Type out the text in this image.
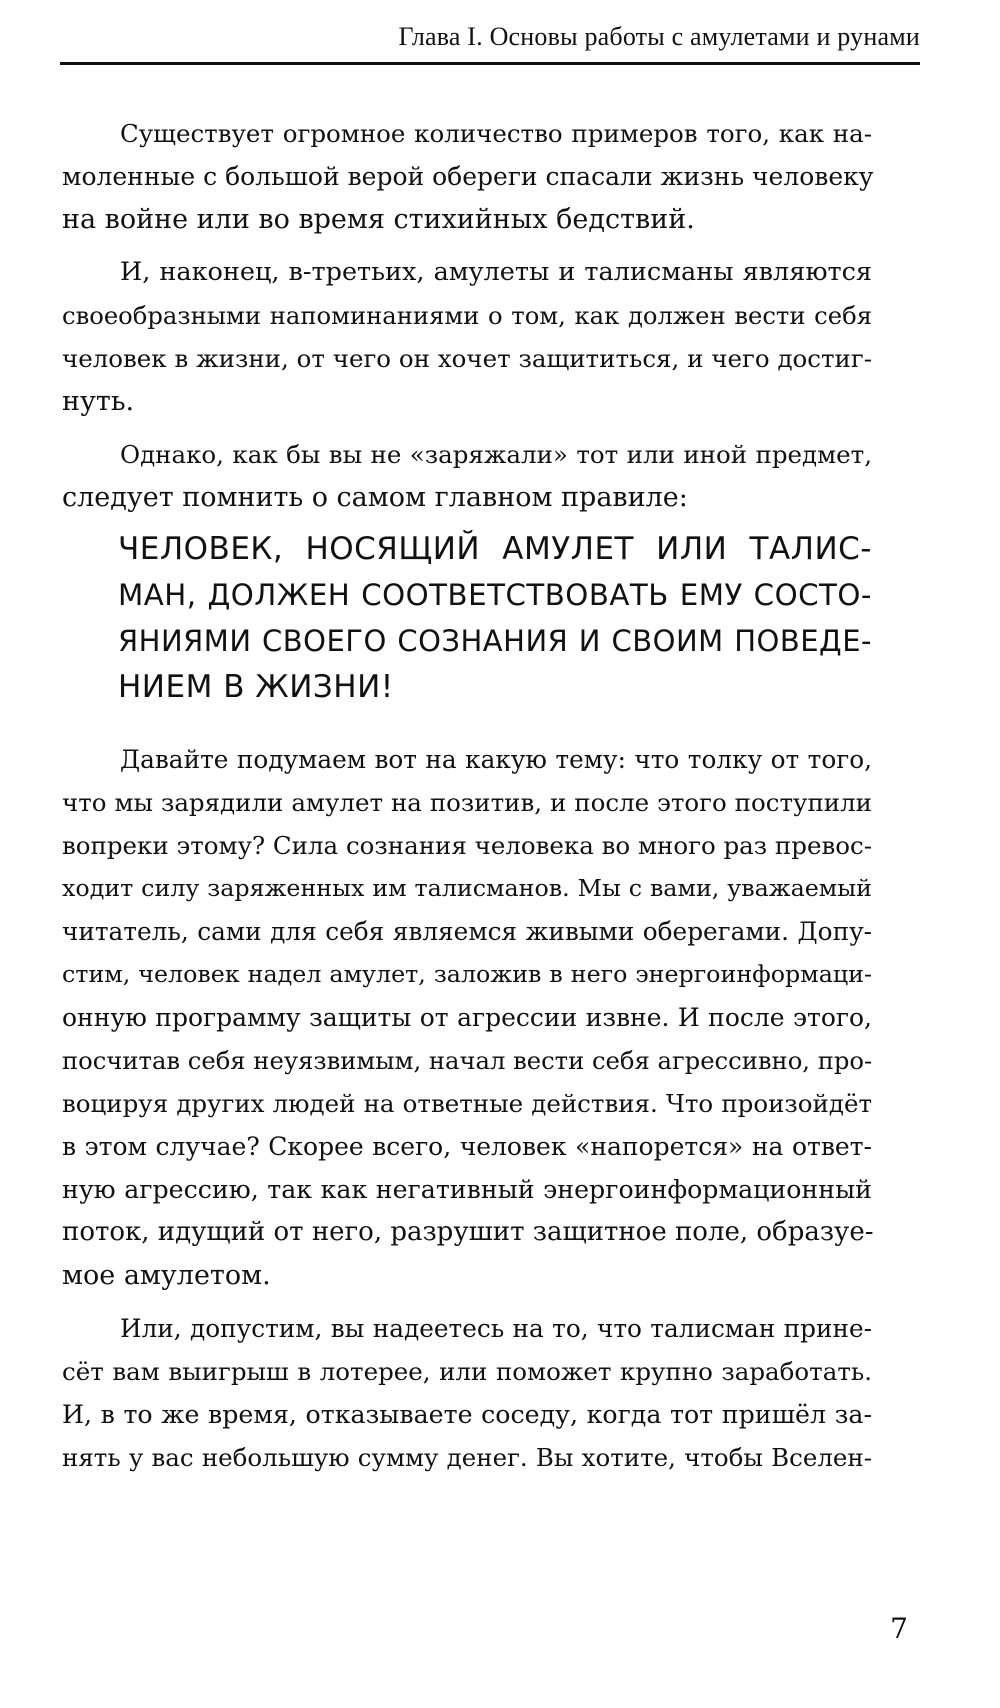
Глава I. Основы работы с амулетами и рунами
Существует огромное количество примеров того, как на-
моленные с большой верой обереги спасали жизнь человеку
на войне или во время стихийных бедствий.
И, наконец, в-третьих, амулеты и талисманы являются
своеобразными напоминаниями о том, как должен вести себя
человек в жизни, от чего он хочет защититься, и чего достиг-
нуть.
Однако, как бы вы не «заряжали» тот или иной предмет,
следует помнить о самом главном правиле:
ЧЕЛОВЕК, НОСЯЩИЙ АМУЛЕТ ИЛИ ТАЛИС-
МАН, ДОЛЖЕН СООТВЕТСТВОВАТЬ ЕМУ СОСТО-
ЯНИЯМИ СВОЕГО СОЗНАНИЯ И СВОИМ ПОВЕДЕ-
НИЕМ В ЖИЗНИ!
Давайте подумаем вот на какую тему: что толку от того,
что мы зарядили амулет на позитив, и после этого поступили
вопреки этому? Сила сознания человека во много раз превос-
ходит силу заряженных им талисманов. Мы с вами, уважаемый
читатель, сами для себя являемся живыми оберегами. Допу-
стим, человек надел амулет, заложив в него энергоинформаци-
онную программу защиты от агрессии извне. И после этого,
посчитав себя неуязвимым, начал вести себя агрессивно, про-
воцируя других людей на ответные действия. Что произойдёт
в этом случае? Скорее всего, человек «напорется» на ответ-
ную агрессию, так как негативный энергоинформационный
поток, идущий от него, разрушит защитное поле, образуе-
мое амулетом.
Или, допустим, вы надеетесь на то, что талисман прине-
сёт вам выигрыш в лотерее, или поможет крупно заработать.
И, в то же время, отказываете соседу, когда тот пришёл за-
нять у вас небольшую сумму денег. Вы хотите, чтобы Вселен-
7
